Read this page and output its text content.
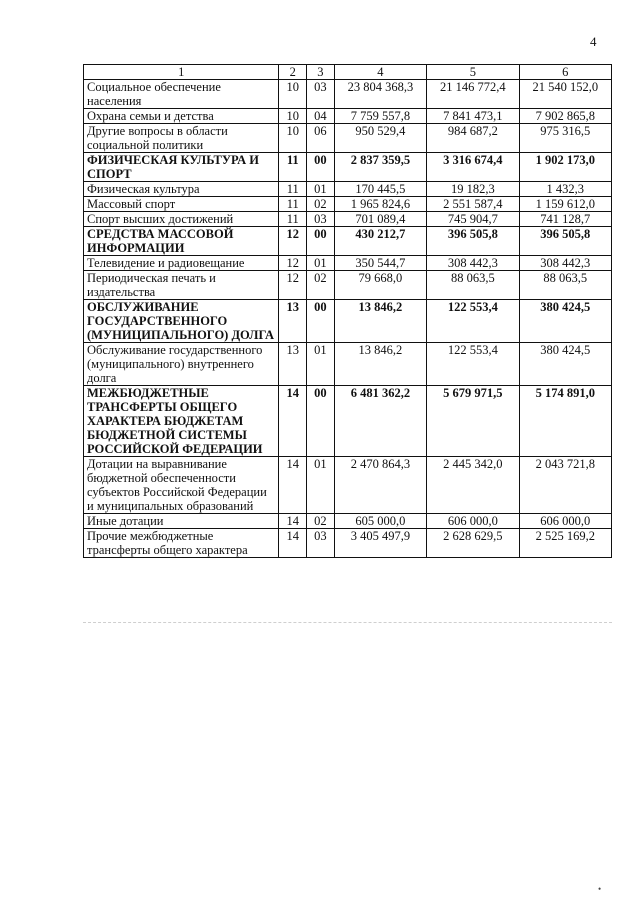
4
1	2	3	4	5	6
Социальное обеспечение населения	10	03	23 804 368,3	21 146 772,4	21 540 152,0
Охрана семьи и детства	10	04	7 759 557,8	7 841 473,1	7 902 865,8
Другие вопросы в области социальной политики	10	06	950 529,4	984 687,2	975 316,5
ФИЗИЧЕСКАЯ КУЛЬТУРА И СПОРТ	11	00	2 837 359,5	3 316 674,4	1 902 173,0
Физическая культура	11	01	170 445,5	19 182,3	1 432,3
Массовый спорт	11	02	1 965 824,6	2 551 587,4	1 159 612,0
Спорт высших достижений	11	03	701 089,4	745 904,7	741 128,7
СРЕДСТВА МАССОВОЙ ИНФОРМАЦИИ	12	00	430 212,7	396 505,8	396 505,8
Телевидение и радиовещание	12	01	350 544,7	308 442,3	308 442,3
Периодическая печать и издательства	12	02	79 668,0	88 063,5	88 063,5
ОБСЛУЖИВАНИЕ ГОСУДАРСТВЕННОГО (МУНИЦИПАЛЬНОГО) ДОЛГА	13	00	13 846,2	122 553,4	380 424,5
Обслуживание государственного (муниципального) внутреннего долга	13	01	13 846,2	122 553,4	380 424,5
МЕЖБЮДЖЕТНЫЕ ТРАНСФЕРТЫ ОБЩЕГО ХАРАКТЕРА БЮДЖЕТАМ БЮДЖЕТНОЙ СИСТЕМЫ РОССИЙСКОЙ ФЕДЕРАЦИИ	14	00	6 481 362,2	5 679 971,5	5 174 891,0
Дотации на выравнивание бюджетной обеспеченности субъектов Российской Федерации и муниципальных образований	14	01	2 470 864,3	2 445 342,0	2 043 721,8
Иные дотации	14	02	605 000,0	606 000,0	606 000,0
Прочие межбюджетные трансферты общего характера	14	03	3 405 497,9	2 628 629,5	2 525 169,2
•
